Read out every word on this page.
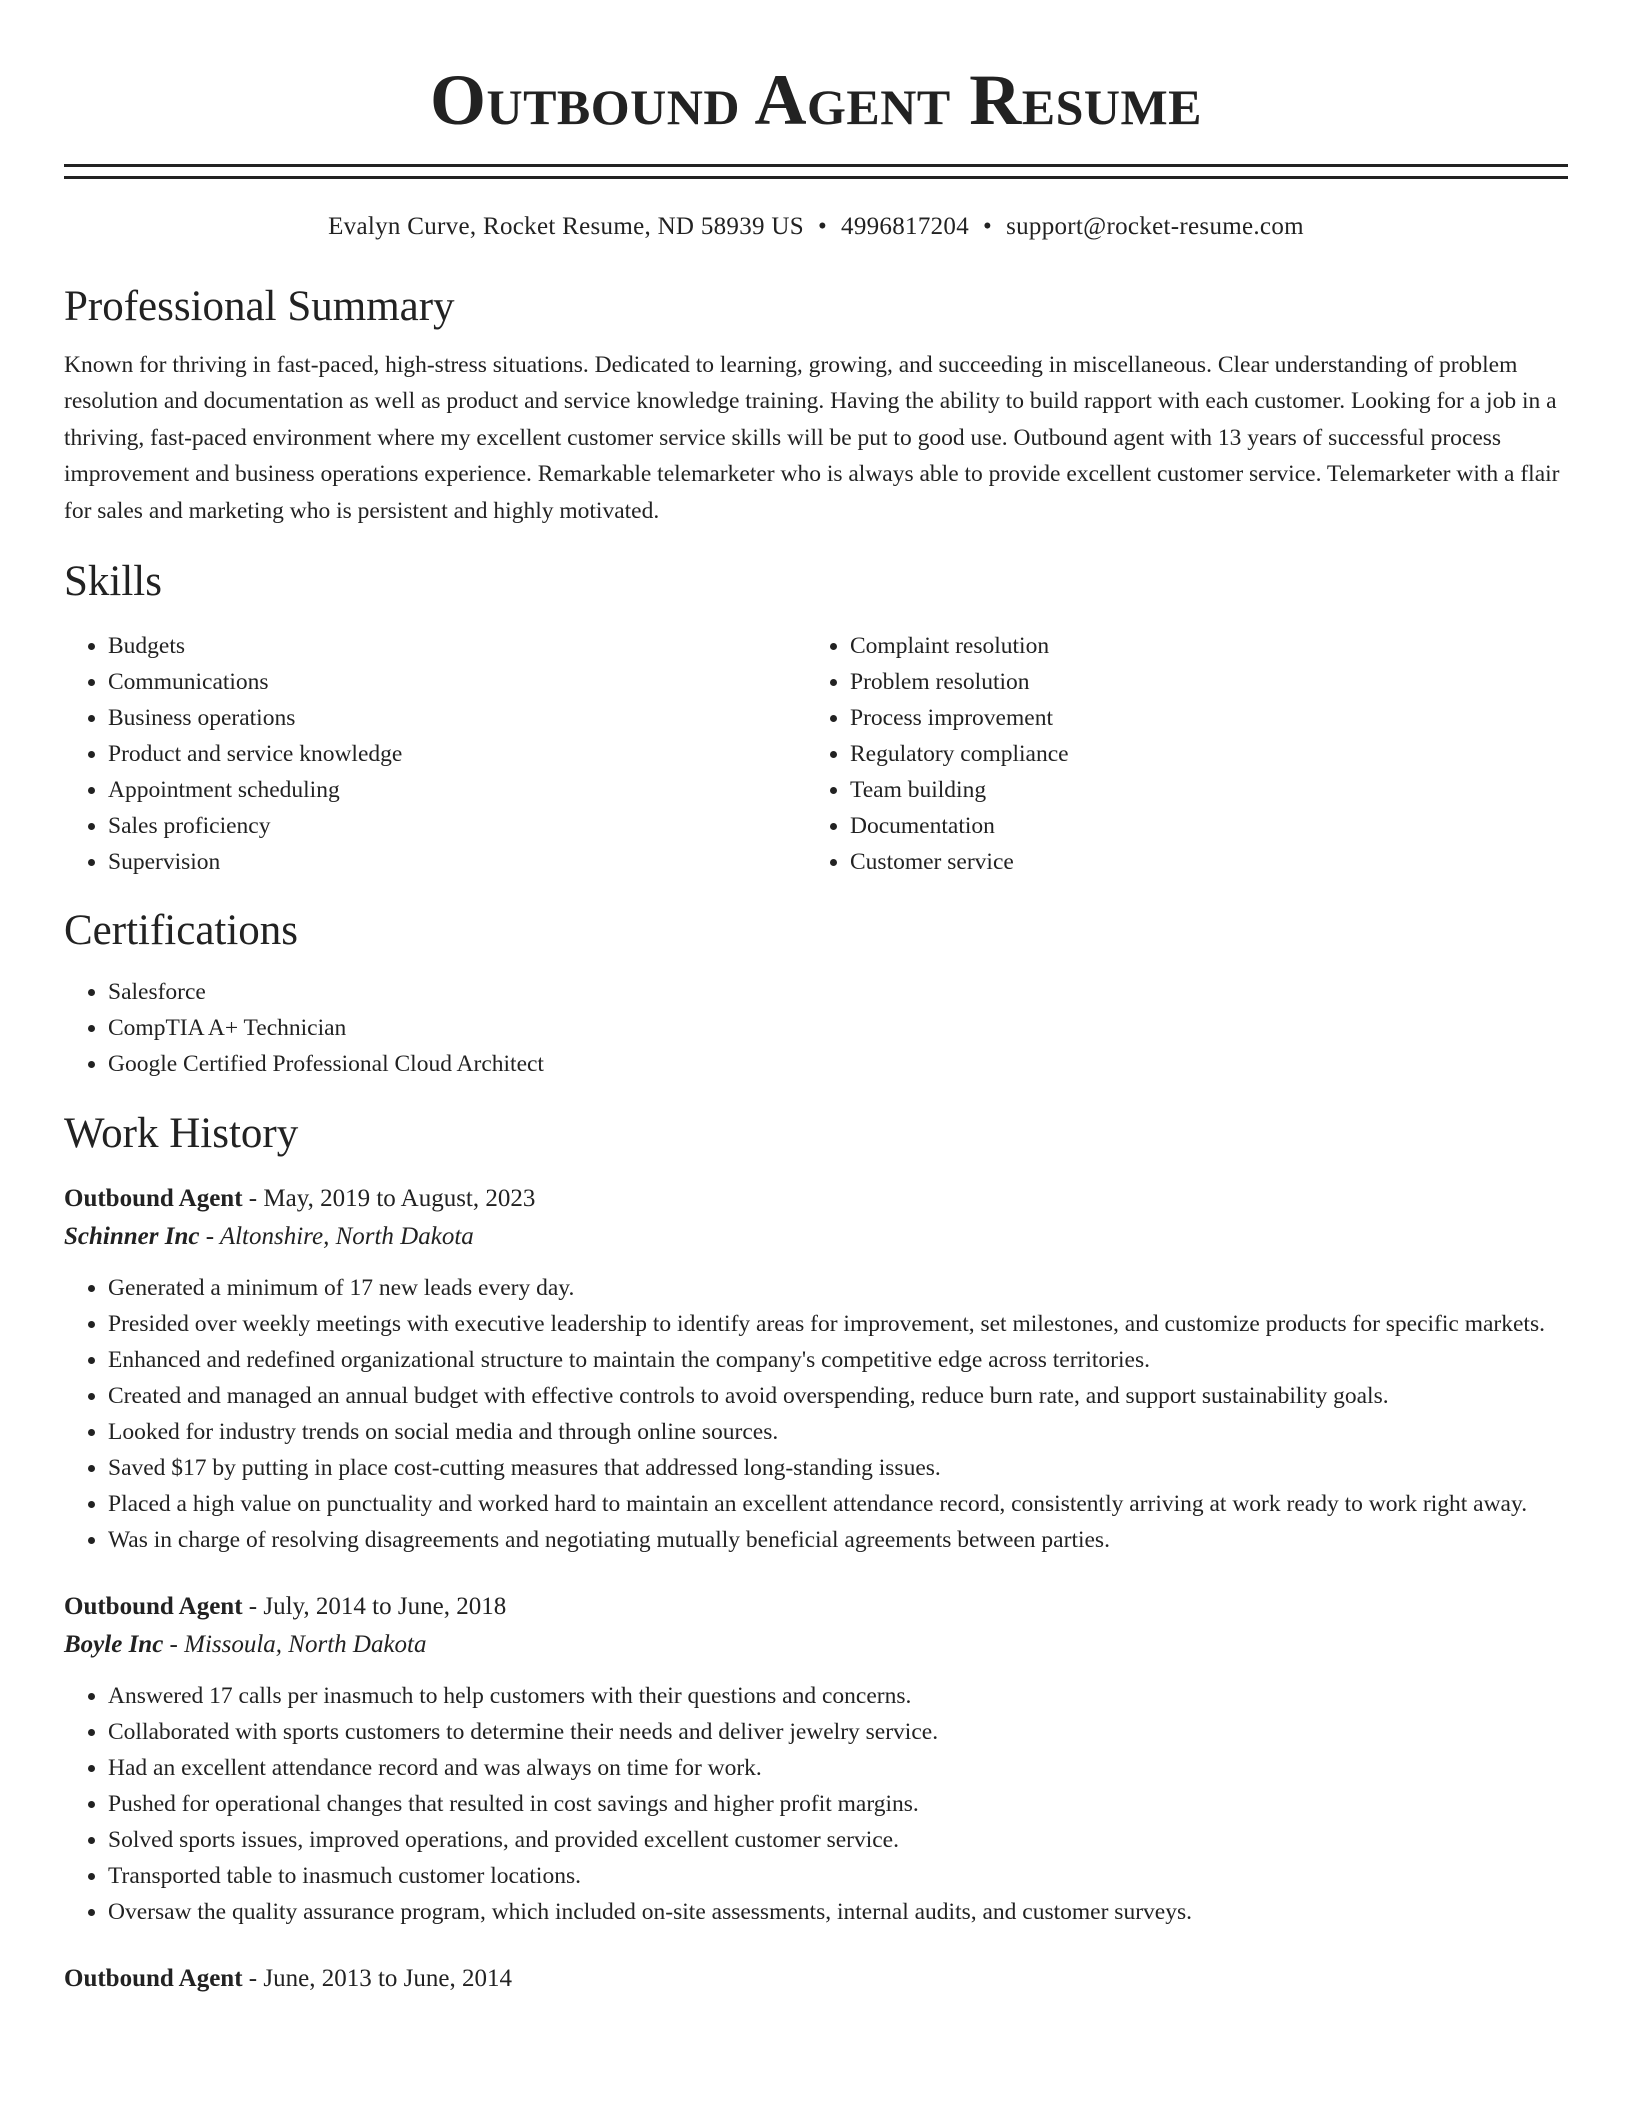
Outbound Agent Resume
Evalyn Curve, Rocket Resume, ND 58939 US • 4996817204 • support@rocket-resume.com
Professional Summary

Known for thriving in fast-paced, high-stress situations. Dedicated to learning, growing, and succeeding in miscellaneous. Clear understanding of problem resolution and documentation as well as product and service knowledge training. Having the ability to build rapport with each customer. Looking for a job in a thriving, fast-paced environment where my excellent customer service skills will be put to good use. Outbound agent with 13 years of successful process improvement and business operations experience. Remarkable telemarketer who is always able to provide excellent customer service. Telemarketer with a flair for sales and marketing who is persistent and highly motivated.

Skills
• Budgets
• Communications
• Business operations
• Product and service knowledge
• Appointment scheduling
• Sales proficiency
• Supervision
• Complaint resolution
• Problem resolution
• Process improvement
• Regulatory compliance
• Team building
• Documentation
• Customer service
Certifications
• Salesforce
• CompTIA A+ Technician
• Google Certified Professional Cloud Architect
Work History
Outbound Agent - May, 2019 to August, 2023
Schinner Inc - Altonshire, North Dakota
• Generated a minimum of 17 new leads every day.
• Presided over weekly meetings with executive leadership to identify areas for improvement, set milestones, and customize products for specific markets.
• Enhanced and redefined organizational structure to maintain the company's competitive edge across territories.
• Created and managed an annual budget with effective controls to avoid overspending, reduce burn rate, and support sustainability goals.
• Looked for industry trends on social media and through online sources.
• Saved $17 by putting in place cost-cutting measures that addressed long-standing issues.
• Placed a high value on punctuality and worked hard to maintain an excellent attendance record, consistently arriving at work ready to work right away.
• Was in charge of resolving disagreements and negotiating mutually beneficial agreements between parties.
Outbound Agent - July, 2014 to June, 2018
Boyle Inc - Missoula, North Dakota
• Answered 17 calls per inasmuch to help customers with their questions and concerns.
• Collaborated with sports customers to determine their needs and deliver jewelry service.
• Had an excellent attendance record and was always on time for work.
• Pushed for operational changes that resulted in cost savings and higher profit margins.
• Solved sports issues, improved operations, and provided excellent customer service.
• Transported table to inasmuch customer locations.
• Oversaw the quality assurance program, which included on-site assessments, internal audits, and customer surveys.
Outbound Agent - June, 2013 to June, 2014
